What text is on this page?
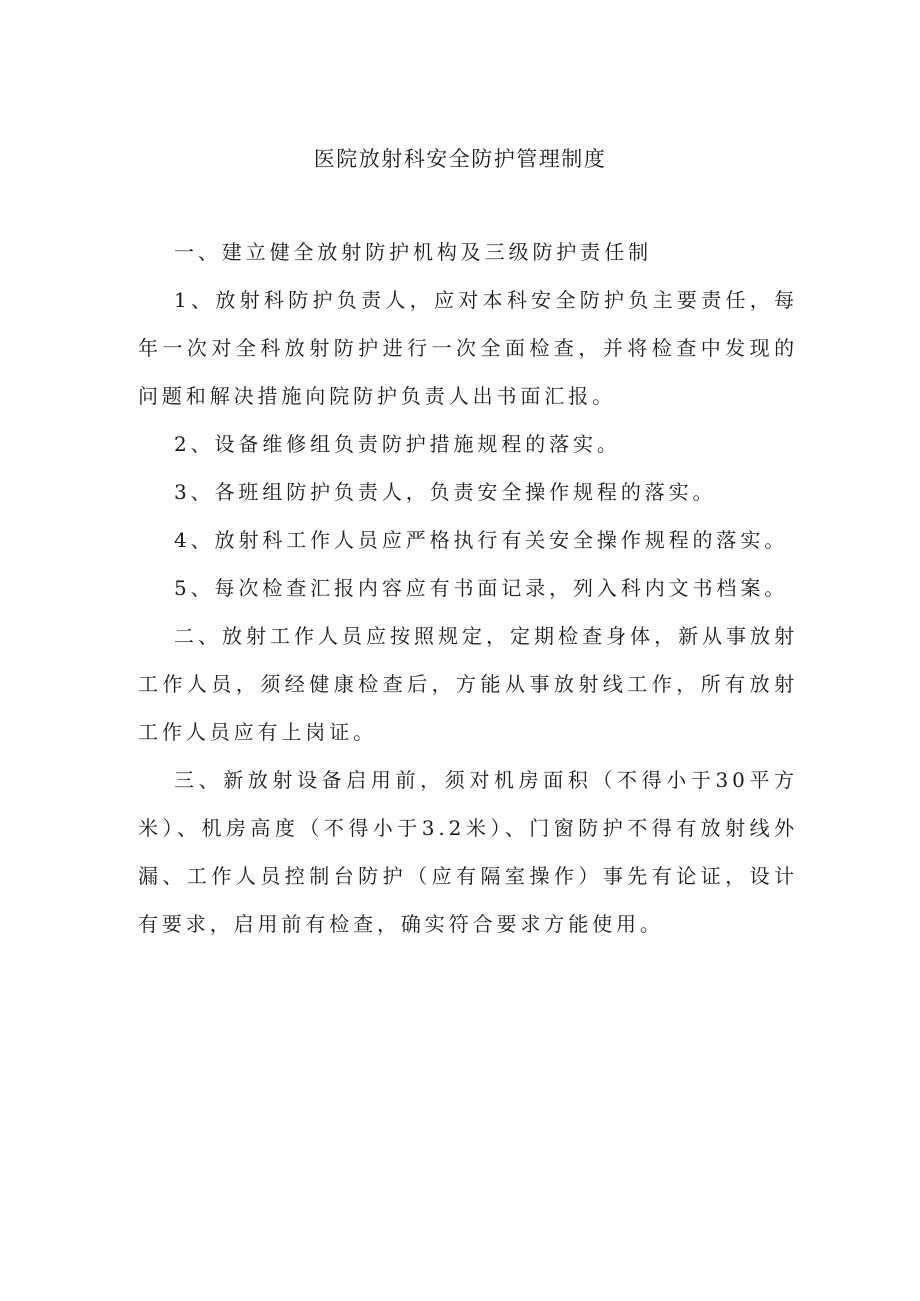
医院放射科安全防护管理制度

一、建立健全放射防护机构及三级防护责任制

1、放射科防护负责人，应对本科安全防护负主要责任，每年一次对全科放射防护进行一次全面检查，并将检查中发现的问题和解决措施向院防护负责人出书面汇报。

2、设备维修组负责防护措施规程的落实。

3、各班组防护负责人，负责安全操作规程的落实。

4、放射科工作人员应严格执行有关安全操作规程的落实。

5、每次检查汇报内容应有书面记录，列入科内文书档案。

二、放射工作人员应按照规定，定期检查身体，新从事放射工作人员，须经健康检查后，方能从事放射线工作，所有放射工作人员应有上岗证。

三、新放射设备启用前，须对机房面积（不得小于30平方米）、机房高度（不得小于3.2米）、门窗防护不得有放射线外漏、工作人员控制台防护（应有隔室操作）事先有论证，设计有要求，启用前有检查，确实符合要求方能使用。
